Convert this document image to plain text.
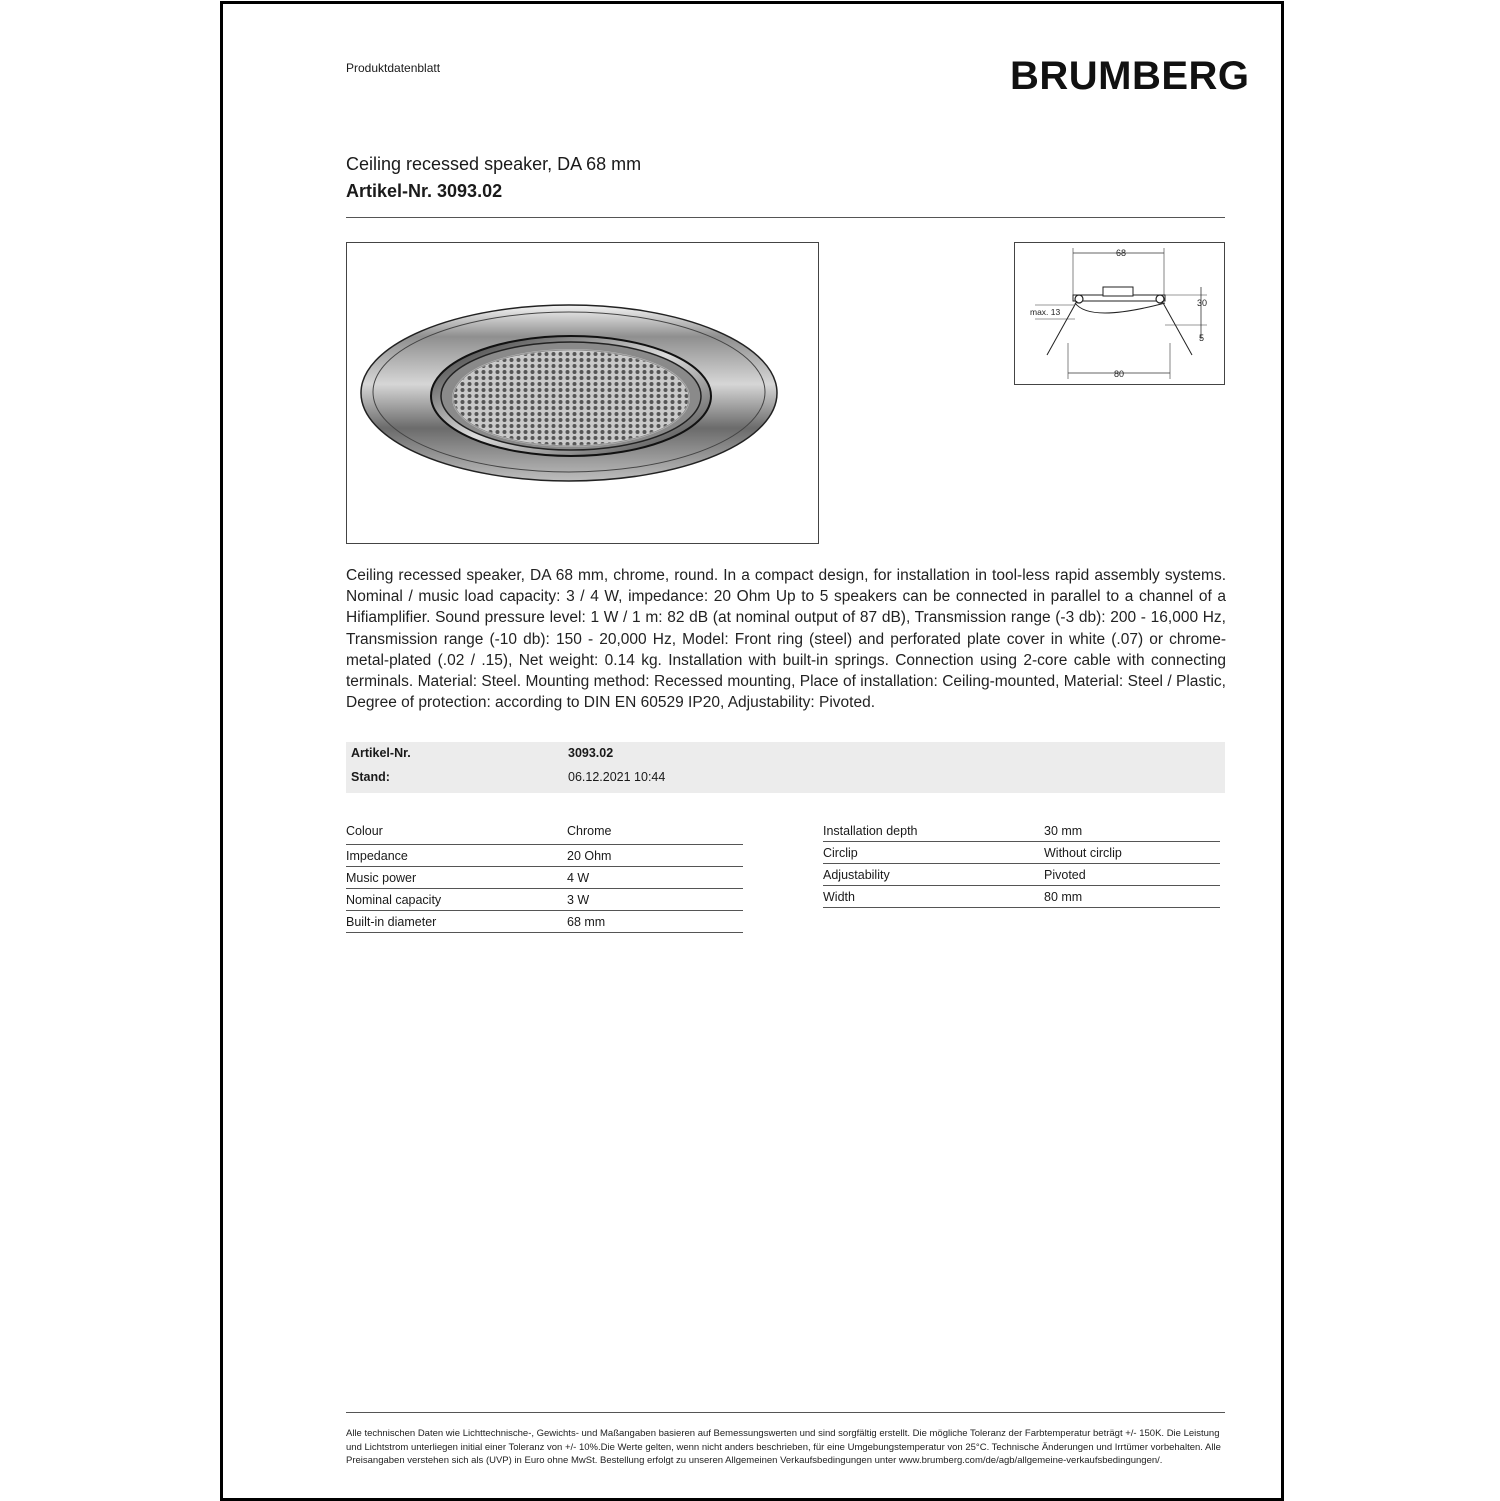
Produktdatenblatt	BRUMBERG
Ceiling recessed speaker, DA 68 mm
Artikel-Nr. 3093.02
68
30
5
max. 13
80
Ceiling recessed speaker, DA 68 mm, chrome, round. In a compact design, for installation in tool-less rapid assembly systems. Nominal / music load capacity: 3 / 4 W, impedance: 20 Ohm Up to 5 speakers can be connected in parallel to a channel of a Hifiamplifier. Sound pressure level: 1 W / 1 m: 82 dB (at nominal output of 87 dB), Transmission range (-3 db): 200 - 16,000 Hz, Transmission range (-10 db): 150 - 20,000 Hz, Model: Front ring (steel) and perforated plate cover in white (.07) or chrome-metal-plated (.02 / .15), Net weight: 0.14 kg. Installation with built-in springs. Connection using 2-core cable with connecting terminals. Material: Steel. Mounting method: Recessed mounting, Place of installation: Ceiling-mounted, Material: Steel / Plastic, Degree of protection: according to DIN EN 60529 IP20, Adjustability: Pivoted.
Artikel-Nr.	3093.02
Stand:	06.12.2021 10:44
Colour	Chrome
Impedance	20 Ohm
Music power	4 W
Nominal capacity	3 W
Built-in diameter	68 mm
Installation depth	30 mm
Circlip	Without circlip
Adjustability	Pivoted
Width	80 mm
Alle technischen Daten wie Lichttechnische-, Gewichts- und Maßangaben basieren auf Bemessungswerten und sind sorgfältig erstellt. Die mögliche Toleranz der Farbtemperatur beträgt +/- 150K. Die Leistung und Lichtstrom unterliegen initial einer Toleranz von +/- 10%.Die Werte gelten, wenn nicht anders beschrieben, für eine Umgebungstemperatur von 25°C. Technische Änderungen und Irrtümer vorbehalten. Alle Preisangaben verstehen sich als (UVP) in Euro ohne MwSt. Bestellung erfolgt zu unseren Allgemeinen Verkaufsbedingungen unter www.brumberg.com/de/agb/allgemeine-verkaufsbedingungen/.
